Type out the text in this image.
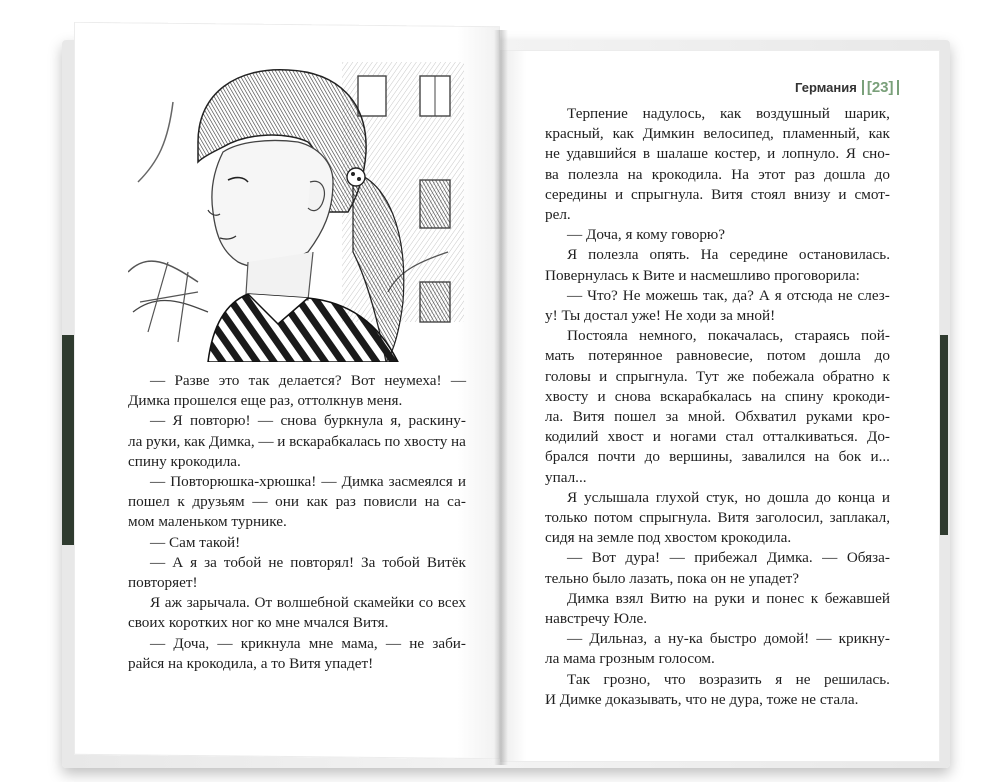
Германия [23]
— Разве это так делается? Вот неумеха! —
Димка прошелся еще раз, оттолкнув меня.
— Я повторю! — снова буркнула я, раскину-
ла руки, как Димка, — и вскарабкалась по хвосту на
спину крокодила.
— Повторюшка-хрюшка! — Димка засмеялся и
пошел к друзьям — они как раз повисли на са-
мом маленьком турнике.
— Сам такой!
— А я за тобой не повторял! За тобой Витёк
повторяет!
Я аж зарычала. От волшебной скамейки со всех
своих коротких ног ко мне мчался Витя.
— Доча, — крикнула мне мама, — не заби-
райся на крокодила, а то Витя упадет!
Терпение надулось, как воздушный шарик,
красный, как Димкин велосипед, пламенный, как
не удавшийся в шалаше костер, и лопнуло. Я сно-
ва полезла на крокодила. На этот раз дошла до
середины и спрыгнула. Витя стоял внизу и смот-
рел.
— Доча, я кому говорю?
Я полезла опять. На середине остановилась.
Повернулась к Вите и насмешливо проговорила:
— Что? Не можешь так, да? А я отсюда не слез-
у! Ты достал уже! Не ходи за мной!
Постояла немного, покачалась, стараясь пой-
мать потерянное равновесие, потом дошла до
головы и спрыгнула. Тут же побежала обратно к
хвосту и снова вскарабкалась на спину крокоди-
ла. Витя пошел за мной. Обхватил руками кро-
кодилий хвост и ногами стал отталкиваться. До-
брался почти до вершины, завалился на бок и...
упал...
Я услышала глухой стук, но дошла до конца и
только потом спрыгнула. Витя заголосил, заплакал,
сидя на земле под хвостом крокодила.
— Вот дура! — прибежал Димка. — Обяза-
тельно было лазать, пока он не упадет?
Димка взял Витю на руки и понес к бежавшей
навстречу Юле.
— Дильназ, а ну-ка быстро домой! — крикну-
ла мама грозным голосом.
Так грозно, что возразить я не решилась.
И Димке доказывать, что не дура, тоже не стала.
